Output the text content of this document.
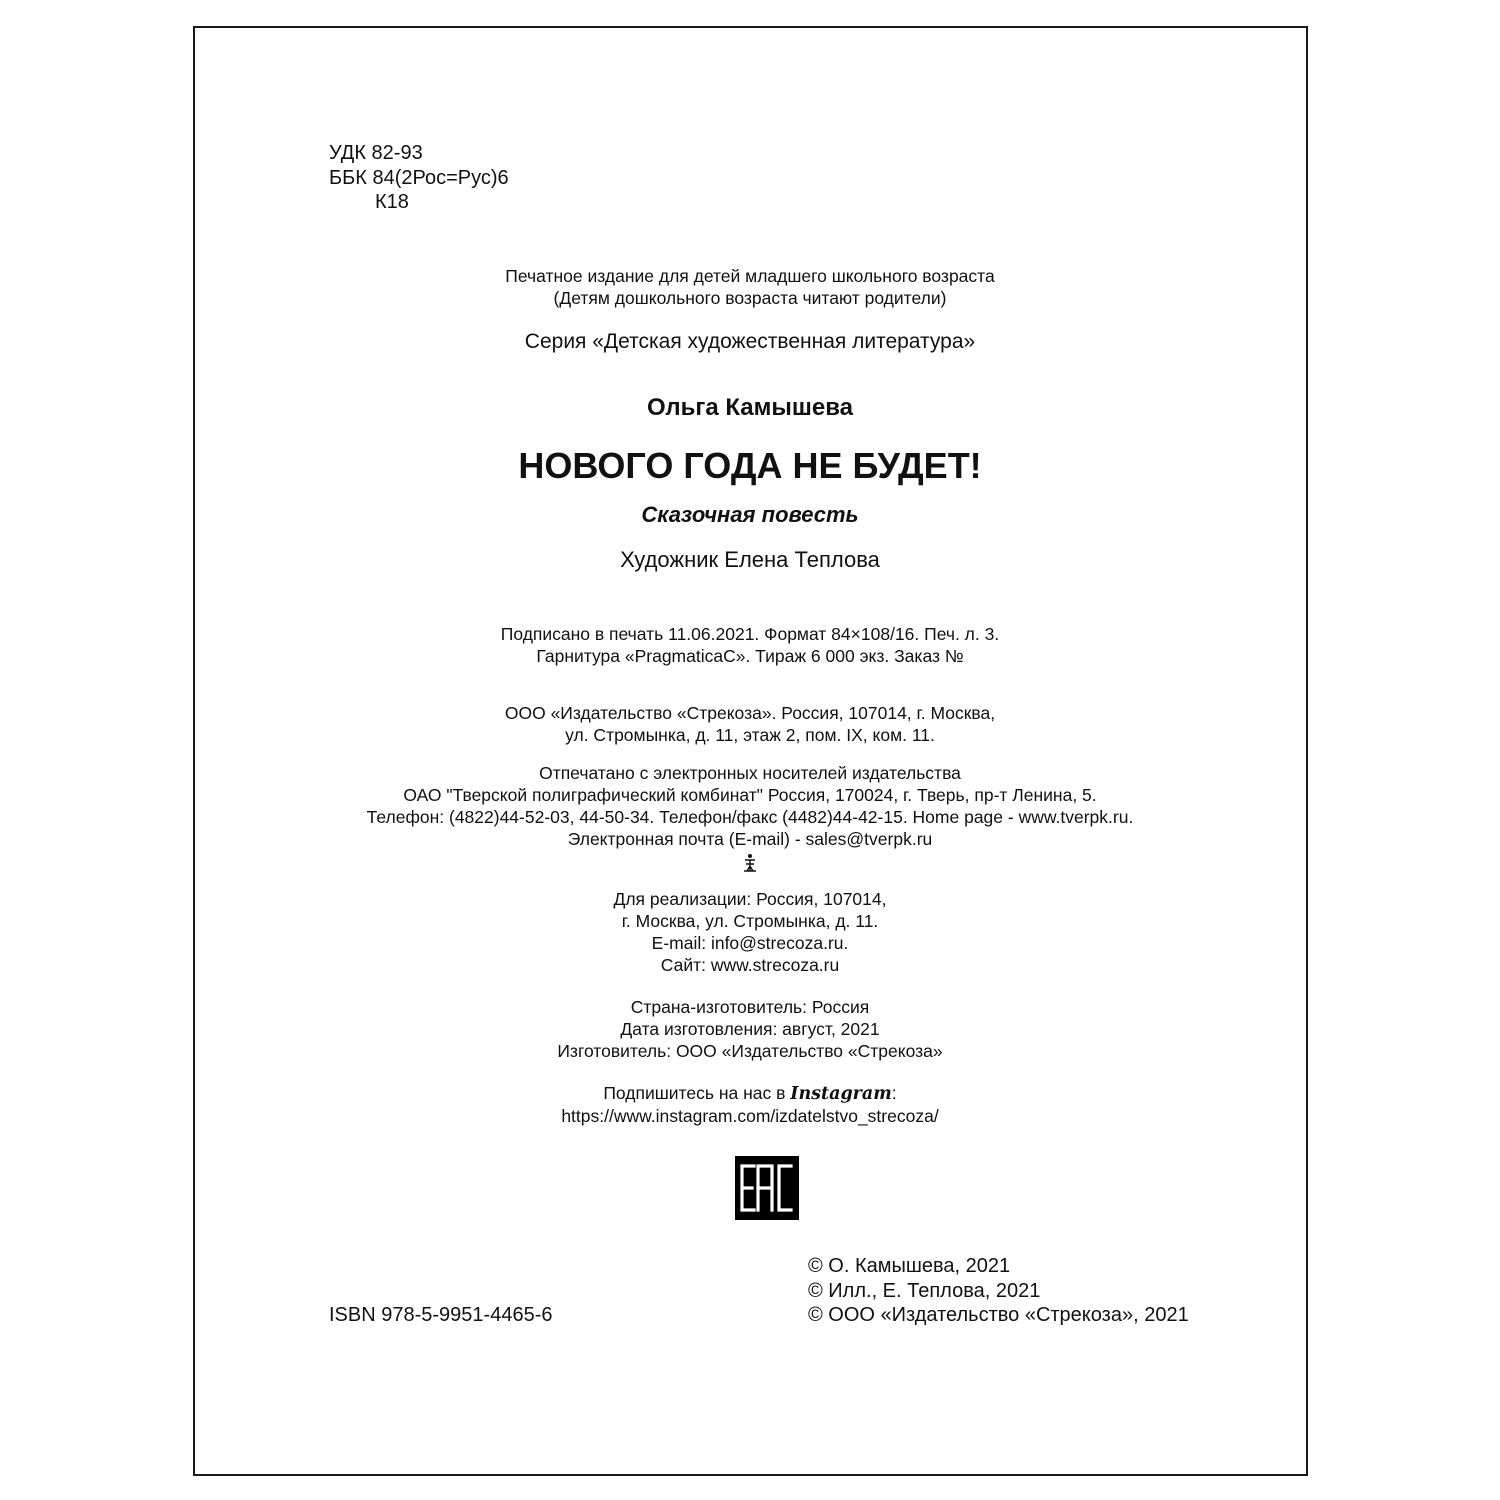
УДК 82-93
ББК 84(2Рос=Рус)6
К18
Печатное издание для детей младшего школьного возраста
(Детям дошкольного возраста читают родители)
Серия «Детская художественная литература»
Ольга Камышева
НОВОГО ГОДА НЕ БУДЕТ!
Сказочная повесть
Художник Елена Теплова
Подписано в печать 11.06.2021. Формат 84×108/16. Печ. л. 3.
Гарнитура «PragmaticaC». Тираж 6 000 экз. Заказ №
ООО «Издательство «Стрекоза». Россия, 107014, г. Москва,
ул. Стромынка, д. 11, этаж 2, пом. IX, ком. 11.
Отпечатано с электронных носителей издательства
ОАО "Тверской полиграфический комбинат" Россия, 170024, г. Тверь, пр-т Ленина, 5.
Телефон: (4822)44-52-03, 44-50-34. Телефон/факс (4482)44-42-15. Home page - www.tverpk.ru.
Электронная почта (E-mail) - sales@tverpk.ru
Для реализации: Россия, 107014,
г. Москва, ул. Стромынка, д. 11.
E-mail: info@strecoza.ru.
Сайт: www.strecoza.ru
Страна-изготовитель: Россия
Дата изготовления: август, 2021
Изготовитель: ООО «Издательство «Стрекоза»
Подпишитесь на нас в Instagram:
https://www.instagram.com/izdatelstvo_strecoza/
ISBN 978-5-9951-4465-6
© О. Камышева, 2021
© Илл., Е. Теплова, 2021
© ООО «Издательство «Стрекоза», 2021
